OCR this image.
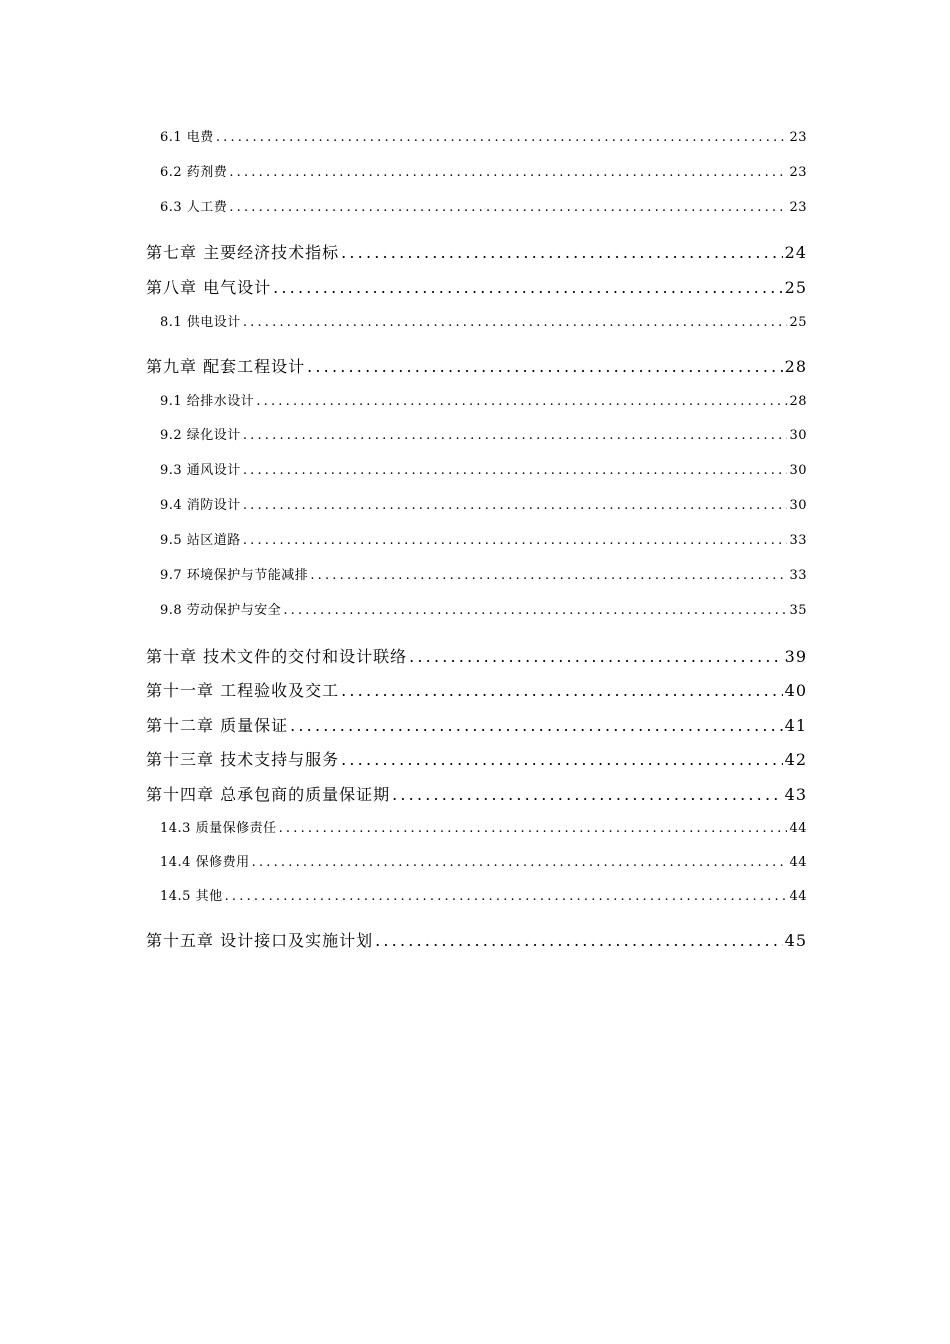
6.1 电费 .....	23
6.2 药剂费 .....	23
6.3 人工费 .....	23
第七章 主要经济技术指标 .....	24
第八章 电气设计 .....	25
8.1 供电设计 .....	25
第九章 配套工程设计 .....	28
9.1 给排水设计 .....	28
9.2 绿化设计 .....	30
9.3 通风设计 .....	30
9.4 消防设计 .....	30
9.5 站区道路 .....	33
9.7 环境保护与节能减排 .....	33
9.8 劳动保护与安全 .....	35
第十章 技术文件的交付和设计联络 .....	39
第十一章 工程验收及交工 .....	40
第十二章 质量保证 .....	41
第十三章 技术支持与服务 .....	42
第十四章 总承包商的质量保证期 .....	43
14.3 质量保修责任 .....	44
14.4 保修费用 .....	44
14.5 其他 .....	44
第十五章 设计接口及实施计划 .....	45
